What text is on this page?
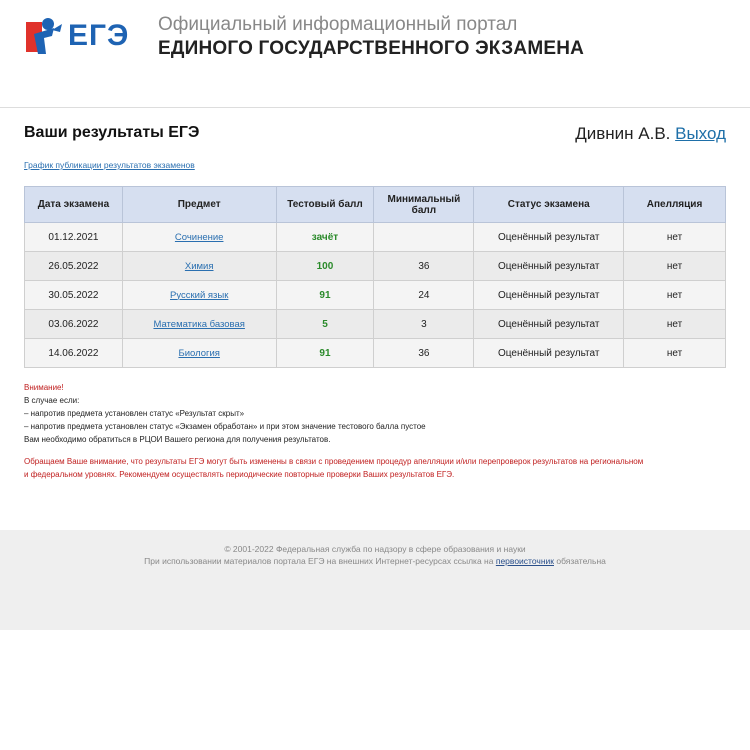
ЕГЭ Официальный информационный портал
ЕДИНОГО ГОСУДАРСТВЕННОГО ЭКЗАМЕНА
Ваши результаты ЕГЭ	Дивнин А.В. Выход
График публикации результатов экзаменов
Дата экзамена	Предмет	Тестовый балл	Минимальный балл	Статус экзамена	Апелляция
01.12.2021	Сочинение	зачёт		Оценённый результат	нет
26.05.2022	Химия	100	36	Оценённый результат	нет
30.05.2022	Русский язык	91	24	Оценённый результат	нет
03.06.2022	Математика базовая	5	3	Оценённый результат	нет
14.06.2022	Биология	91	36	Оценённый результат	нет
Внимание!
В случае если:
– напротив предмета установлен статус «Результат скрыт»
– напротив предмета установлен статус «Экзамен обработан» и при этом значение тестового балла пустое
Вам необходимо обратиться в РЦОИ Вашего региона для получения результатов.
Обращаем Ваше внимание, что результаты ЕГЭ могут быть изменены в связи с проведением процедур апелляции и/или перепроверок результатов на региональном
и федеральном уровнях. Рекомендуем осуществлять периодические повторные проверки Ваших результатов ЕГЭ.
© 2001-2022 Федеральная служба по надзору в сфере образования и науки
При использовании материалов портала ЕГЭ на внешних Интернет-ресурсах ссылка на первоисточник обязательна
